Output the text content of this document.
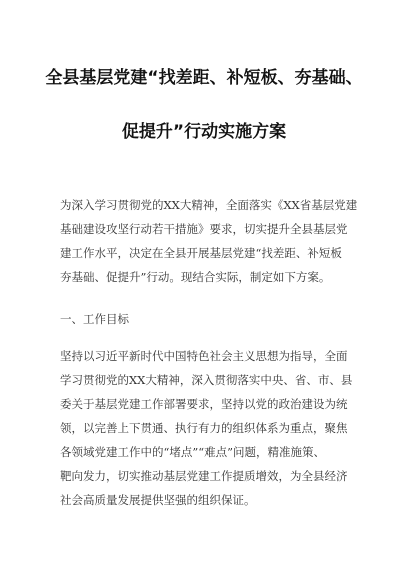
全县基层党建“找差距、补短板、夯基础、
促提升”行动实施方案
为深入学习贯彻党的XX大精神，全面落实《XX省基层党建
基础建设攻坚行动若干措施》要求，切实提升全县基层党
建工作水平，决定在全县开展基层党建“找差距、补短板
夯基础、促提升”行动。现结合实际，制定如下方案。
一、工作目标
坚持以习近平新时代中国特色社会主义思想为指导，全面
学习贯彻党的XX大精神，深入贯彻落实中央、省、市、县
委关于基层党建工作部署要求，坚持以党的政治建设为统
领，以完善上下贯通、执行有力的组织体系为重点，聚焦
各领域党建工作中的“堵点”“难点”问题，精准施策、
靶向发力，切实推动基层党建工作提质增效，为全县经济
社会高质量发展提供坚强的组织保证。
